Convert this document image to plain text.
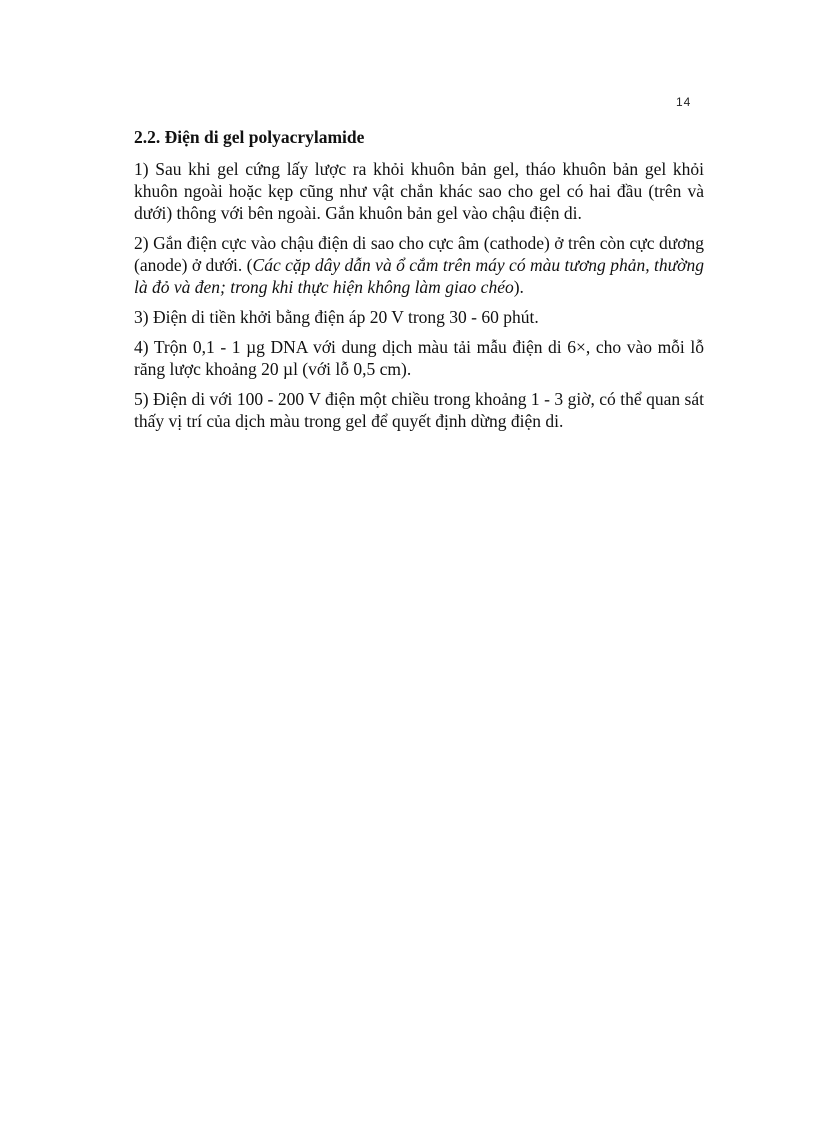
14
2.2. Điện di gel polyacrylamide

1) Sau khi gel cứng lấy lược ra khỏi khuôn bản gel, tháo khuôn bản gel khỏi khuôn ngoài hoặc kẹp cũng như vật chắn khác sao cho gel có hai đầu (trên và dưới) thông với bên ngoài. Gắn khuôn bản gel vào chậu điện di.

2) Gắn điện cực vào chậu điện di sao cho cực âm (cathode) ở trên còn cực dương (anode) ở dưới. (Các cặp dây dẫn và ổ cắm trên máy có màu tương phản, thường là đỏ và đen; trong khi thực hiện không làm giao chéo).

3) Điện di tiền khởi bằng điện áp 20 V trong 30 - 60 phút.

4) Trộn 0,1 - 1 µg DNA với dung dịch màu tải mẫu điện di 6×, cho vào mỗi lỗ răng lược khoảng 20 µl (với lỗ 0,5 cm).

5) Điện di với 100 - 200 V điện một chiều trong khoảng 1 - 3 giờ, có thể quan sát thấy vị trí của dịch màu trong gel để quyết định dừng điện di.
